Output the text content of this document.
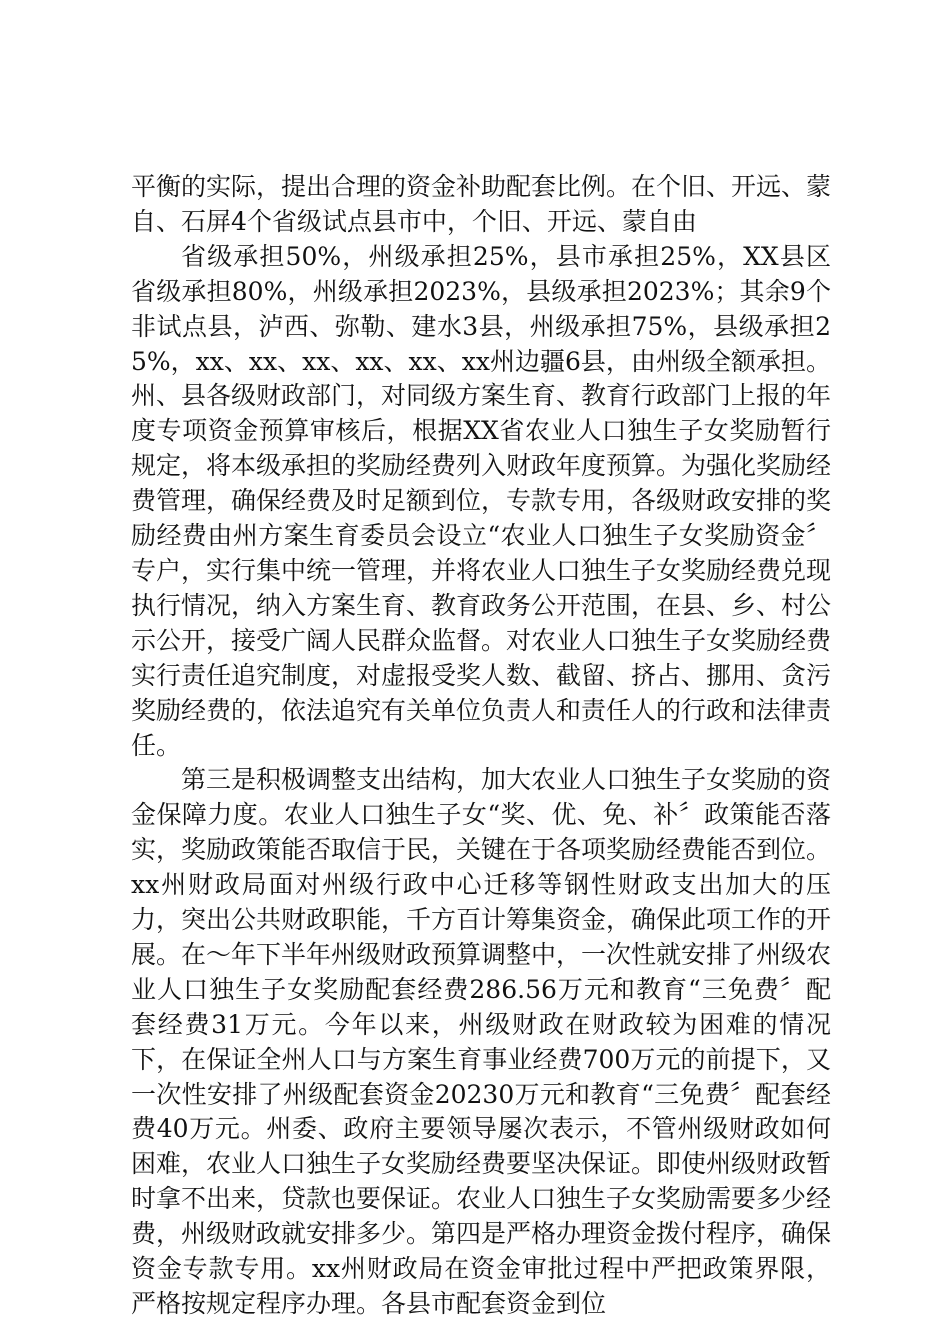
平衡的实际，提出合理的资金补助配套比例。在个旧、开远、蒙自、石屏4个省级试点县市中，个旧、开远、蒙自由

省级承担50%，州级承担25%，县市承担25%，XX县区省级承担80%，州级承担2023%，县级承担2023%；其余9个非试点县，泸西、弥勒、建水3县，州级承担75%，县级承担25%，xx、xx、xx、xx、xx、xx州边疆6县，由州级全额承担。州、县各级财政部门，对同级方案生育、教育行政部门上报的年度专项资金预算审核后，根据XX省农业人口独生子女奖励暂行规定，将本级承担的奖励经费列入财政年度预算。为强化奖励经费管理，确保经费及时足额到位，专款专用，各级财政安排的奖励经费由州方案生育委员会设立“农业人口独生子女奖励资金〞专户，实行集中统一管理，并将农业人口独生子女奖励经费兑现执行情况，纳入方案生育、教育政务公开范围，在县、乡、村公示公开，接受广阔人民群众监督。对农业人口独生子女奖励经费实行责任追究制度，对虚报受奖人数、截留、挤占、挪用、贪污奖励经费的，依法追究有关单位负责人和责任人的行政和法律责任。

第三是积极调整支出结构，加大农业人口独生子女奖励的资金保障力度。农业人口独生子女“奖、优、免、补〞政策能否落实，奖励政策能否取信于民，关键在于各项奖励经费能否到位。xx州财政局面对州级行政中心迁移等钢性财政支出加大的压力，突出公共财政职能，千方百计筹集资金，确保此项工作的开展。在～年下半年州级财政预算调整中，一次性就安排了州级农业人口独生子女奖励配套经费286.56万元和教育“三免费〞配套经费31万元。今年以来，州级财政在财政较为困难的情况下，在保证全州人口与方案生育事业经费700万元的前提下，又一次性安排了州级配套资金20230万元和教育“三免费〞配套经费40万元。州委、政府主要领导屡次表示，不管州级财政如何困难，农业人口独生子女奖励经费要坚决保证。即使州级财政暂时拿不出来，贷款也要保证。农业人口独生子女奖励需要多少经费，州级财政就安排多少。第四是严格办理资金拨付程序，确保资金专款专用。xx州财政局在资金审批过程中严把政策界限，严格按规定程序办理。各县市配套资金到位
